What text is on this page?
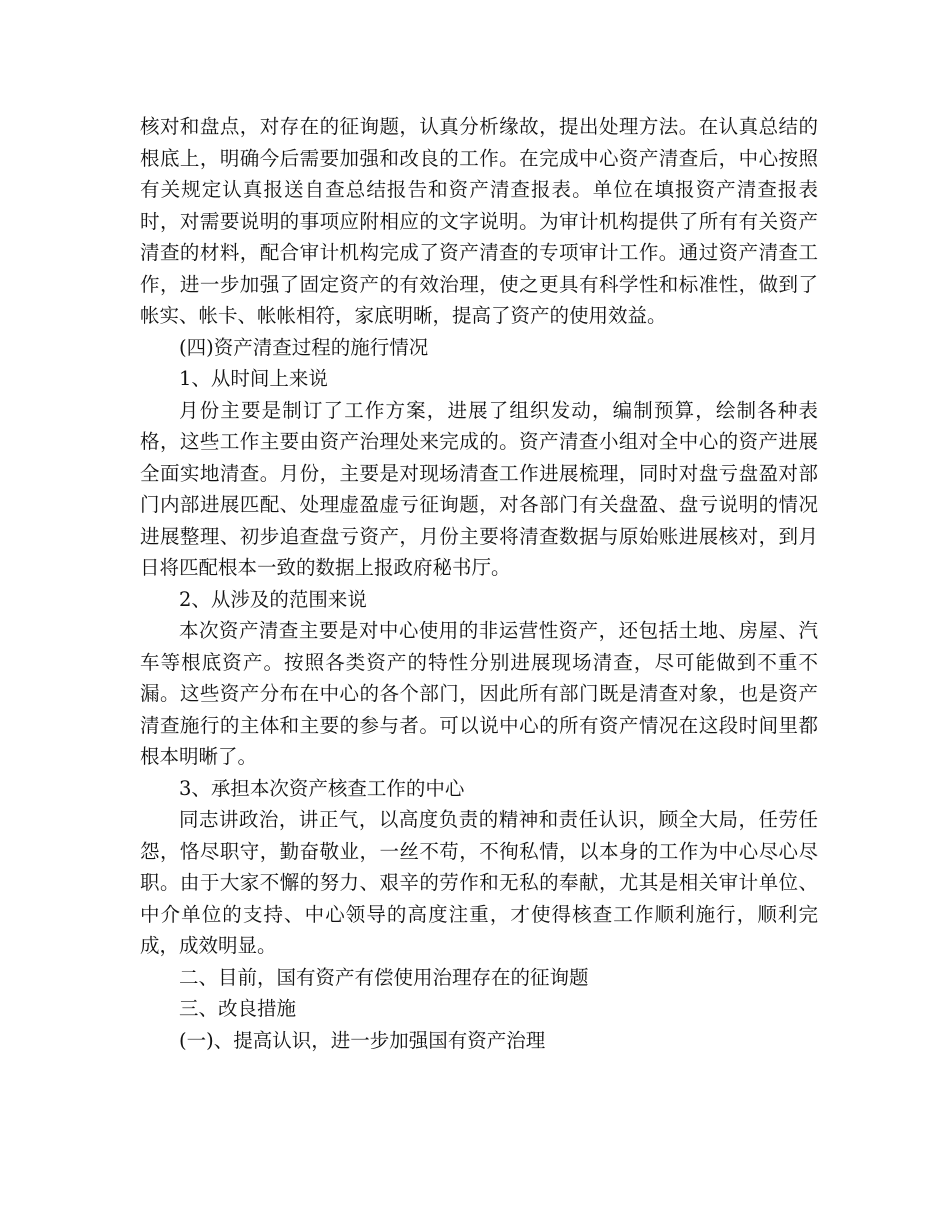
核对和盘点，对存在的征询题，认真分析缘故，提出处理方法。在认真总结的根底上，明确今后需要加强和改良的工作。在完成中心资产清查后，中心按照有关规定认真报送自查总结报告和资产清查报表。单位在填报资产清查报表时，对需要说明的事项应附相应的文字说明。为审计机构提供了所有有关资产清查的材料，配合审计机构完成了资产清查的专项审计工作。通过资产清查工作，进一步加强了固定资产的有效治理，使之更具有科学性和标准性，做到了帐实、帐卡、帐帐相符，家底明晰，提高了资产的使用效益。

(四)资产清查过程的施行情况

1、从时间上来说

月份主要是制订了工作方案，进展了组织发动，编制预算，绘制各种表格，这些工作主要由资产治理处来完成的。资产清查小组对全中心的资产进展全面实地清查。月份，主要是对现场清查工作进展梳理，同时对盘亏盘盈对部门内部进展匹配、处理虚盈虚亏征询题，对各部门有关盘盈、盘亏说明的情况进展整理、初步追查盘亏资产，月份主要将清查数据与原始账进展核对，到月日将匹配根本一致的数据上报政府秘书厅。

2、从涉及的范围来说

本次资产清查主要是对中心使用的非运营性资产，还包括土地、房屋、汽车等根底资产。按照各类资产的特性分别进展现场清查，尽可能做到不重不漏。这些资产分布在中心的各个部门，因此所有部门既是清查对象，也是资产清查施行的主体和主要的参与者。可以说中心的所有资产情况在这段时间里都根本明晰了。

3、承担本次资产核查工作的中心

同志讲政治，讲正气，以高度负责的精神和责任认识，顾全大局，任劳任怨，恪尽职守，勤奋敬业，一丝不苟，不徇私情，以本身的工作为中心尽心尽职。由于大家不懈的努力、艰辛的劳作和无私的奉献，尤其是相关审计单位、中介单位的支持、中心领导的高度注重，才使得核查工作顺利施行，顺利完成，成效明显。

二、目前，国有资产有偿使用治理存在的征询题

三、改良措施

(一)、提高认识，进一步加强国有资产治理
